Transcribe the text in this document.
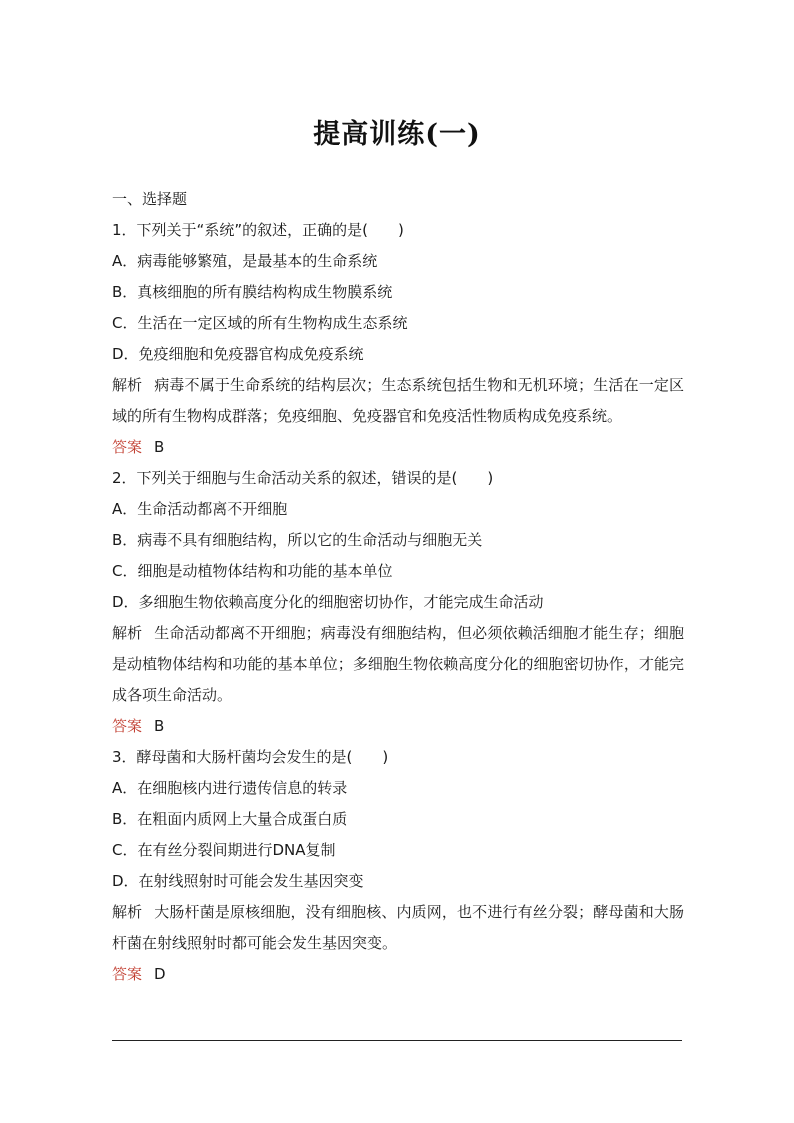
提高训练(一)
一、选择题
1．下列关于“系统”的叙述，正确的是(　　)
A．病毒能够繁殖，是最基本的生命系统
B．真核细胞的所有膜结构构成生物膜系统
C．生活在一定区域的所有生物构成生态系统
D．免疫细胞和免疫器官构成免疫系统
解析 病毒不属于生命系统的结构层次；生态系统包括生物和无机环境；生活在一定区域的所有生物构成群落；免疫细胞、免疫器官和免疫活性物质构成免疫系统。
答案 B
2．下列关于细胞与生命活动关系的叙述，错误的是(　　)
A．生命活动都离不开细胞
B．病毒不具有细胞结构，所以它的生命活动与细胞无关
C．细胞是动植物体结构和功能的基本单位
D．多细胞生物依赖高度分化的细胞密切协作，才能完成生命活动
解析 生命活动都离不开细胞；病毒没有细胞结构，但必须依赖活细胞才能生存；细胞是动植物体结构和功能的基本单位；多细胞生物依赖高度分化的细胞密切协作，才能完成各项生命活动。
答案 B
3．酵母菌和大肠杆菌均会发生的是(　　)
A．在细胞核内进行遗传信息的转录
B．在粗面内质网上大量合成蛋白质
C．在有丝分裂间期进行DNA复制
D．在射线照射时可能会发生基因突变
解析 大肠杆菌是原核细胞，没有细胞核、内质网，也不进行有丝分裂；酵母菌和大肠杆菌在射线照射时都可能会发生基因突变。
答案 D
